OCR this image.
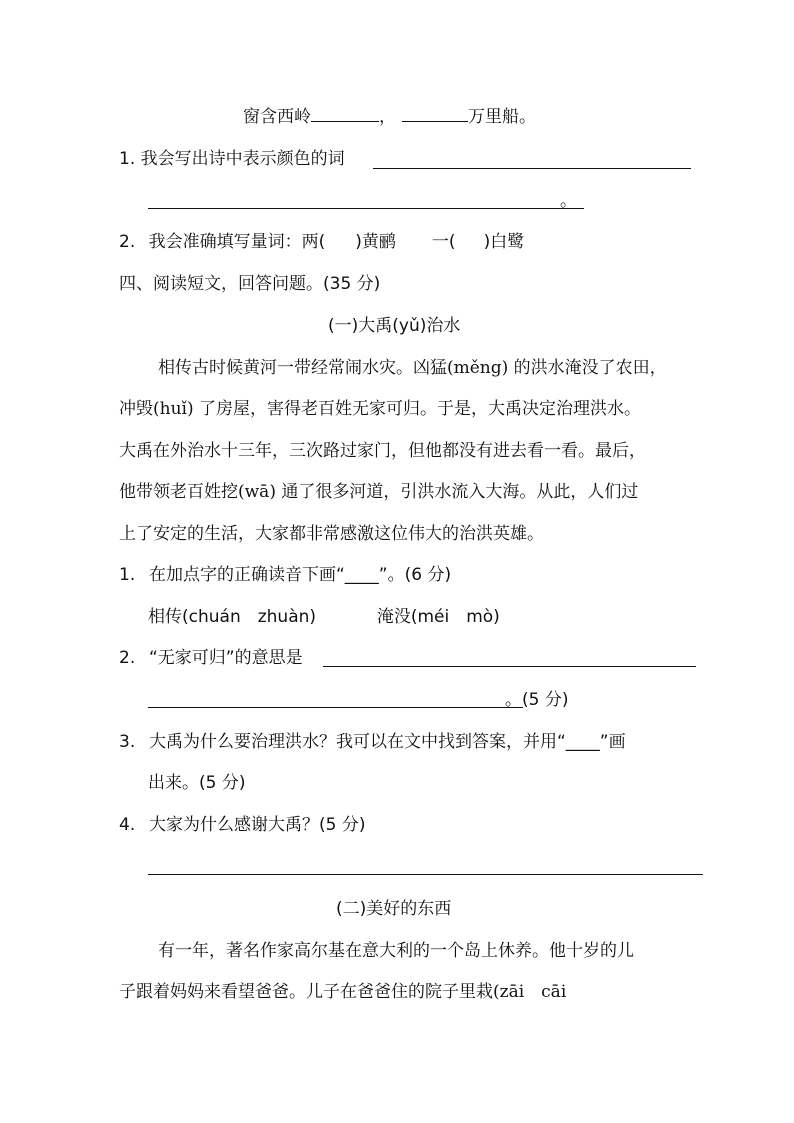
窗含西岭	，	万里船。
1. 我会写出诗中表示颜色的词
。
2. 我会准确填写量词：两( )黄鹂 一( )白鹭
四、阅读短文，回答问题。(35 分)
(一)大禹(yǔ)治水
相传古时候黄河一带经常闹水灾。凶猛(měng) 的洪水淹没了农田，
冲毁(huǐ) 了房屋，害得老百姓无家可归。于是，大禹决定治理洪水。
大禹在外治水十三年，三次路过家门，但他都没有进去看一看。最后，
他带领老百姓挖(wā) 通了很多河道，引洪水流入大海。从此，人们过
上了安定的生活，大家都非常感激这位伟大的治洪英雄。
1. 在加点字的正确读音下画“____”。(6 分)
相传(chuán　zhuàn)	淹没(méi　mò)
2. “无家可归”的意思是
。(5 分)
3. 大禹为什么要治理洪水？我可以在文中找到答案，并用“____”画
出来。(5 分)
4. 大家为什么感谢大禹？(5 分)
(二)美好的东西
有一年，著名作家高尔基在意大利的一个岛上休养。他十岁的儿
子跟着妈妈来看望爸爸。儿子在爸爸住的院子里栽(zāi　cāi
